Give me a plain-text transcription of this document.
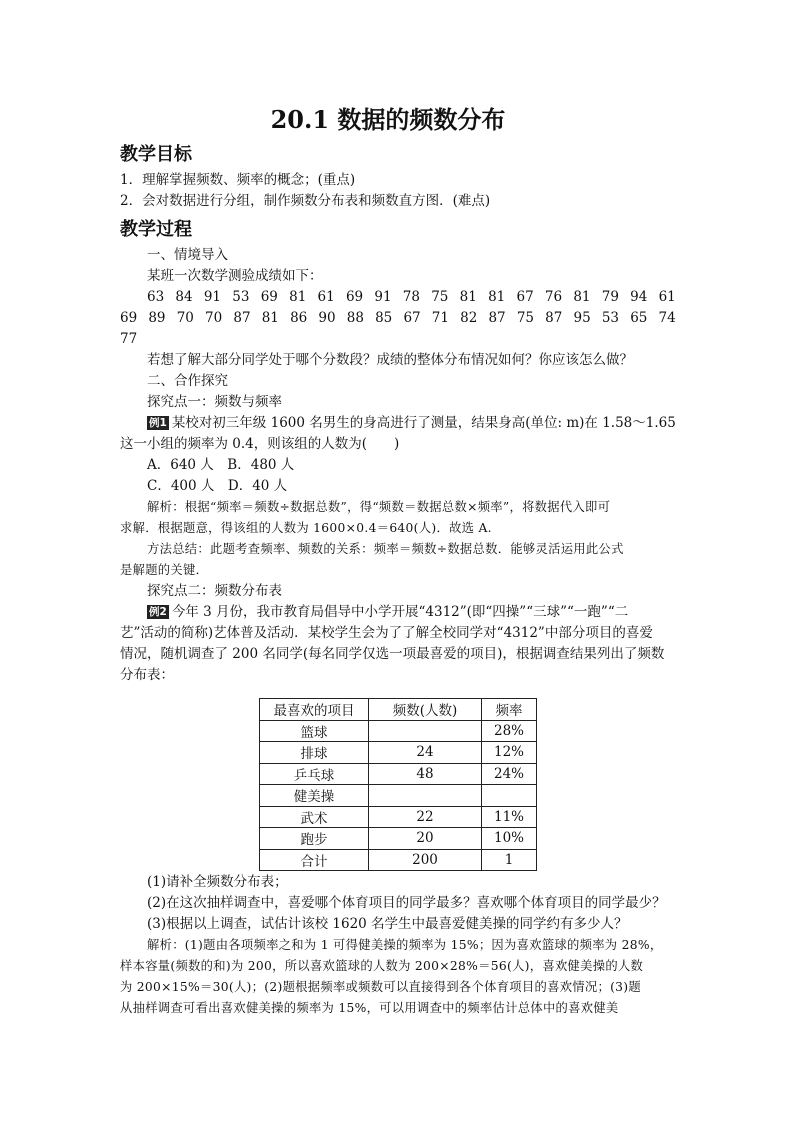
20.1 数据的频数分布
教学目标
1．理解掌握频数、频率的概念；(重点)
2．会对数据进行分组，制作频数分布表和频数直方图．(难点)
教学过程
一、情境导入
某班一次数学测验成绩如下：
63 84 91 53 69 81 61 69 91 78 75 81 81 67 76 81 79 94 61
69 89 70 70 87 81 86 90 88 85 67 71 82 87 75 87 95 53 65 74
77
若想了解大部分同学处于哪个分数段？成绩的整体分布情况如何？你应该怎么做？
二、合作探究
探究点一：频数与频率
例1 某校对初三年级 1600 名男生的身高进行了测量，结果身高(单位: m)在 1.58～1.65
这一小组的频率为 0.4，则该组的人数为(　　)
A．640 人　B．480 人
C．400 人　D．40 人
解析：根据“频率＝频数÷数据总数”，得“频数＝数据总数×频率”，将数据代入即可
求解．根据题意，得该组的人数为 1600×0.4＝640(人)．故选 A.
方法总结：此题考查频率、频数的关系：频率＝频数÷数据总数．能够灵活运用此公式
是解题的关键．
探究点二：频数分布表
例2 今年 3 月份，我市教育局倡导中小学开展“4312”(即“四操”“三球”“一跑”“二
艺”活动的简称)艺体普及活动．某校学生会为了了解全校同学对“4312”中部分项目的喜爱
情况，随机调查了 200 名同学(每名同学仅选一项最喜爱的项目)，根据调查结果列出了频数
分布表：
最喜欢的项目	频数(人数)	频率
篮球		28%
排球	24	12%
乒乓球	48	24%
健美操		
武术	22	11%
跑步	20	10%
合计	200	1
(1)请补全频数分布表；
(2)在这次抽样调查中，喜爱哪个体育项目的同学最多？喜欢哪个体育项目的同学最少？
(3)根据以上调查，试估计该校 1620 名学生中最喜爱健美操的同学约有多少人？
解析：(1)题由各项频率之和为 1 可得健美操的频率为 15%；因为喜欢篮球的频率为 28%，
样本容量(频数的和)为 200，所以喜欢篮球的人数为 200×28%＝56(人)，喜欢健美操的人数
为 200×15%＝30(人)；(2)题根据频率或频数可以直接得到各个体育项目的喜欢情况；(3)题
从抽样调查可看出喜欢健美操的频率为 15%，可以用调查中的频率估计总体中的喜欢健美
